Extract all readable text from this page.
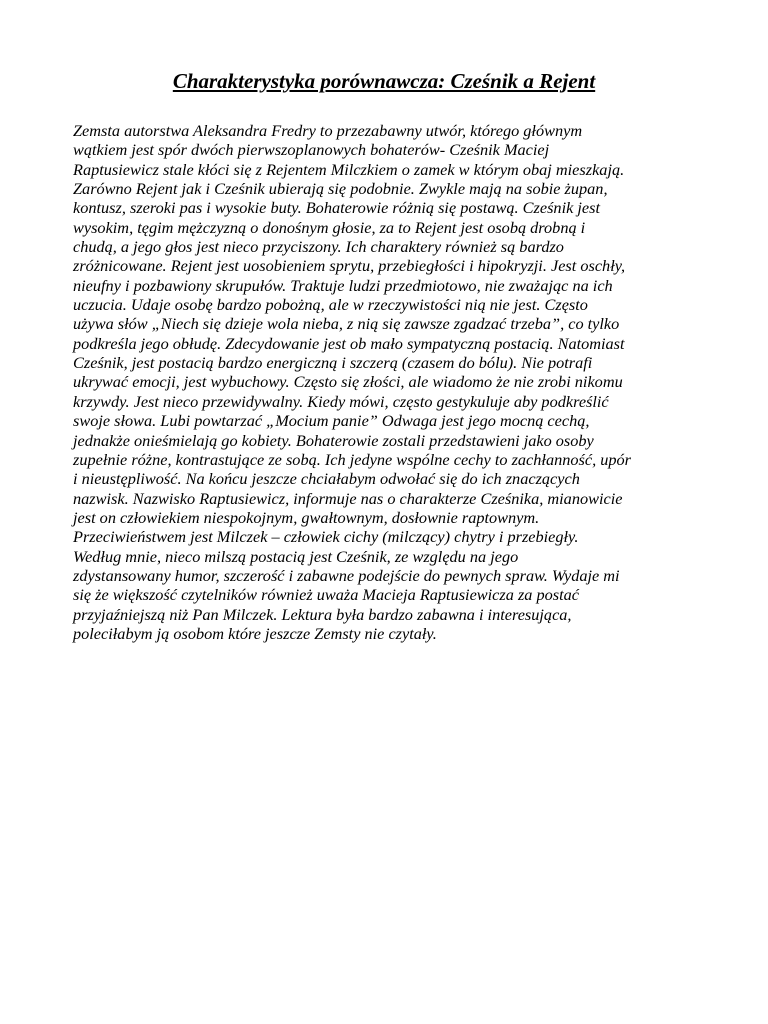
Charakterystyka porównawcza: Cześnik a Rejent
Zemsta autorstwa Aleksandra Fredry to przezabawny utwór, którego głównym
wątkiem jest spór dwóch pierwszoplanowych bohaterów- Cześnik Maciej
Raptusiewicz stale kłóci się z Rejentem Milczkiem o zamek w którym obaj mieszkają.
Zarówno Rejent jak i Cześnik ubierają się podobnie. Zwykle mają na sobie żupan,
kontusz, szeroki pas i wysokie buty. Bohaterowie różnią się postawą. Cześnik jest
wysokim, tęgim mężczyzną o donośnym głosie, za to Rejent jest osobą drobną i
chudą, a jego głos jest nieco przyciszony. Ich charaktery również są bardzo
zróżnicowane. Rejent jest uosobieniem sprytu, przebiegłości i hipokryzji. Jest oschły,
nieufny i pozbawiony skrupułów. Traktuje ludzi przedmiotowo, nie zważając na ich
uczucia. Udaje osobę bardzo pobożną, ale w rzeczywistości nią nie jest. Często
używa słów „Niech się dzieje wola nieba, z nią się zawsze zgadzać trzeba”, co tylko
podkreśla jego obłudę. Zdecydowanie jest ob mało sympatyczną postacią. Natomiast
Cześnik, jest postacią bardzo energiczną i szczerą (czasem do bólu). Nie potrafi
ukrywać emocji, jest wybuchowy. Często się złości, ale wiadomo że nie zrobi nikomu
krzywdy. Jest nieco przewidywalny. Kiedy mówi, często gestykuluje aby podkreślić
swoje słowa. Lubi powtarzać „Mocium panie” Odwaga jest jego mocną cechą,
jednakże onieśmielają go kobiety. Bohaterowie zostali przedstawieni jako osoby
zupełnie różne, kontrastujące ze sobą. Ich jedyne wspólne cechy to zachłanność, upór
i nieustępliwość. Na końcu jeszcze chciałabym odwołać się do ich znaczących
nazwisk. Nazwisko Raptusiewicz, informuje nas o charakterze Cześnika, mianowicie
jest on człowiekiem niespokojnym, gwałtownym, dosłownie raptownym.
Przeciwieństwem jest Milczek – człowiek cichy (milczący) chytry i przebiegły.
Według mnie, nieco milszą postacią jest Cześnik, ze względu na jego
zdystansowany humor, szczerość i zabawne podejście do pewnych spraw. Wydaje mi
się że większość czytelników również uważa Macieja Raptusiewicza za postać
przyjaźniejszą niż Pan Milczek. Lektura była bardzo zabawna i interesująca,
poleciłabym ją osobom które jeszcze Zemsty nie czytały.
